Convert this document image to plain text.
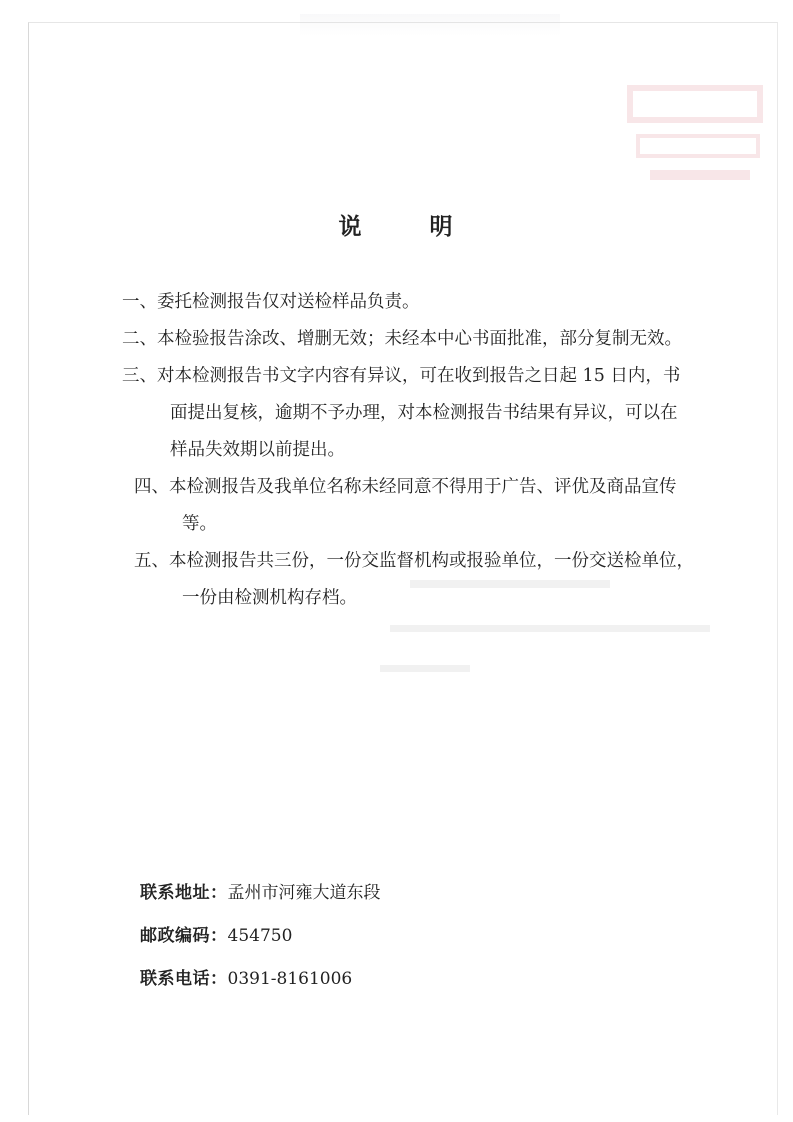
说	明
一、委托检测报告仅对送检样品负责。
二、本检验报告涂改、增删无效；未经本中心书面批准，部分复制无效。
三、对本检测报告书文字内容有异议，可在收到报告之日起 15 日内，书
面提出复核，逾期不予办理，对本检测报告书结果有异议，可以在
样品失效期以前提出。
四、本检测报告及我单位名称未经同意不得用于广告、评优及商品宣传
等。
五、本检测报告共三份，一份交监督机构或报验单位，一份交送检单位，
一份由检测机构存档。
联系地址：孟州市河雍大道东段
邮政编码：454750
联系电话：0391-8161006
